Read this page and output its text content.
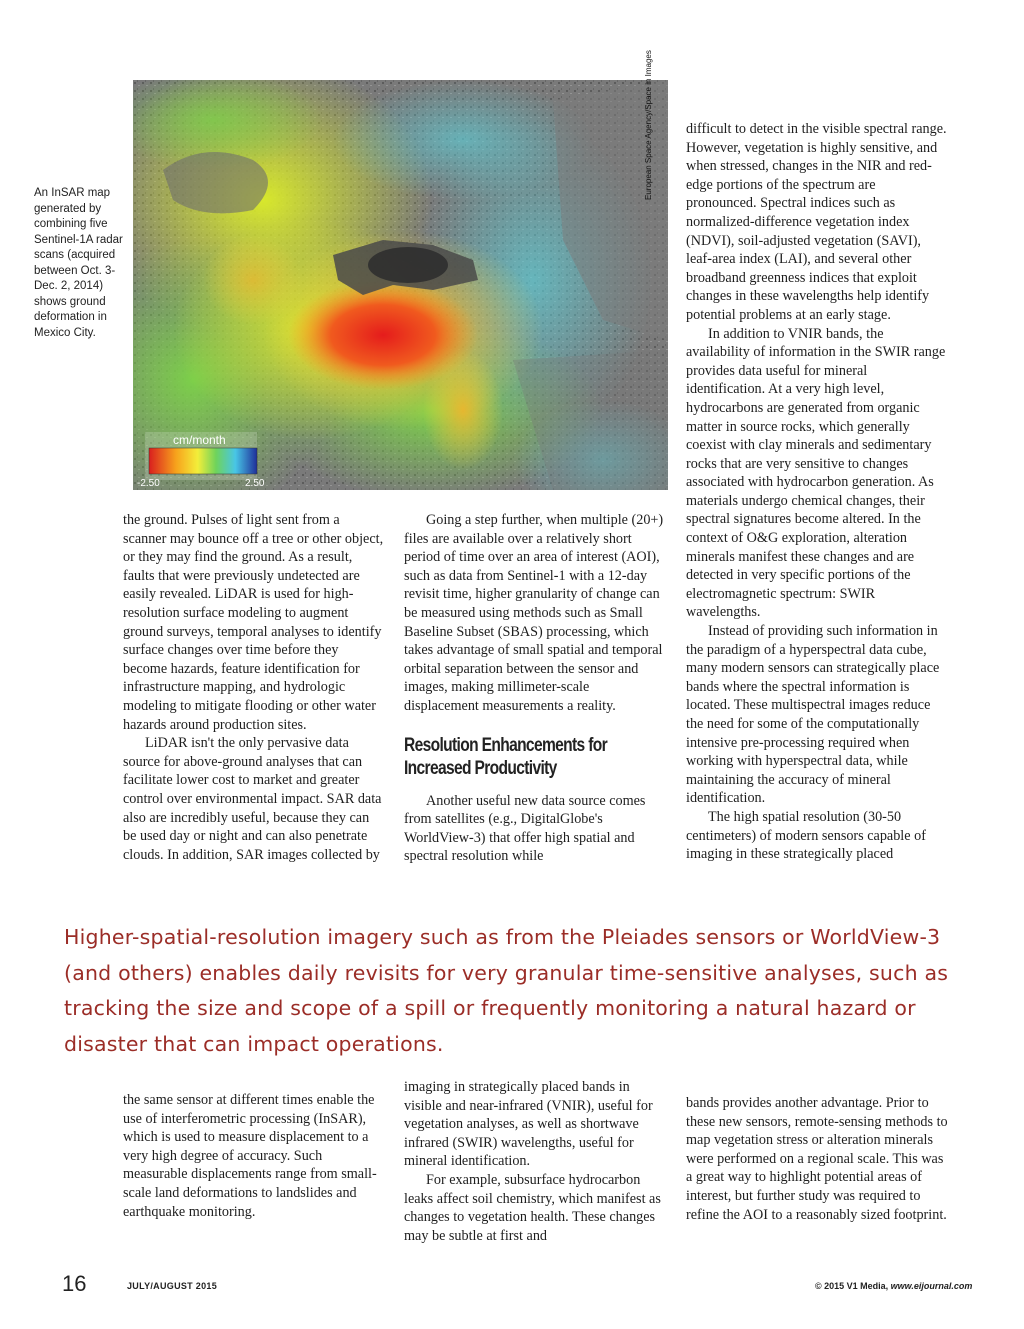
An InSAR map generated by combining five Sentinel-1A radar scans (acquired between Oct. 3-Dec. 2, 2014) shows ground deformation in Mexico City.
cm/month
-2.50	2.50
European Space Agency/Space in Images

the ground. Pulses of light sent from a scanner may bounce off a tree or other object, or they may find the ground. As a result, faults that were previously undetected are easily revealed. LiDAR is used for high-resolution surface modeling to augment ground surveys, temporal analyses to identify surface changes over time before they become hazards, feature identification for infrastructure mapping, and hydrologic modeling to mitigate flooding or other water hazards around production sites.

LiDAR isn't the only pervasive data source for above-ground analyses that can facilitate lower cost to market and greater control over environmental impact. SAR data also are incredibly useful, because they can be used day or night and can also penetrate clouds. In addition, SAR images collected by

Going a step further, when multiple (20+) files are available over a relatively short period of time over an area of interest (AOI), such as data from Sentinel-1 with a 12-day revisit time, higher granularity of change can be measured using methods such as Small Baseline Subset (SBAS) processing, which takes advantage of small spatial and temporal orbital separation between the sensor and images, making millimeter-scale displacement measurements a reality.

Resolution Enhancements for Increased Productivity

Another useful new data source comes from satellites (e.g., DigitalGlobe's WorldView-3) that offer high spatial and spectral resolution while

difficult to detect in the visible spectral range. However, vegetation is highly sensitive, and when stressed, changes in the NIR and red-edge portions of the spectrum are pronounced. Spectral indices such as normalized-difference vegetation index (NDVI), soil-adjusted vegetation (SAVI), leaf-area index (LAI), and several other broadband greenness indices that exploit changes in these wavelengths help identify potential problems at an early stage.

In addition to VNIR bands, the availability of information in the SWIR range provides data useful for mineral identification. At a very high level, hydrocarbons are generated from organic matter in source rocks, which generally coexist with clay minerals and sedimentary rocks that are very sensitive to changes associated with hydrocarbon generation. As materials undergo chemical changes, their spectral signatures become altered. In the context of O&G exploration, alteration minerals manifest these changes and are detected in very specific portions of the electromagnetic spectrum: SWIR wavelengths.

Instead of providing such information in the paradigm of a hyperspectral data cube, many modern sensors can strategically place bands where the spectral information is located. These multispectral images reduce the need for some of the computationally intensive pre-processing required when working with hyperspectral data, while maintaining the accuracy of mineral identification.

The high spatial resolution (30-50 centimeters) of modern sensors capable of imaging in these strategically placed

Higher-spatial-resolution imagery such as from the Pleiades sensors or WorldView-3 (and others) enables daily revisits for very granular time-sensitive analyses, such as tracking the size and scope of a spill or frequently monitoring a natural hazard or disaster that can impact operations.

the same sensor at different times enable the use of interferometric processing (InSAR), which is used to measure displacement to a very high degree of accuracy. Such measurable displacements range from small-scale land deformations to landslides and earthquake monitoring.

imaging in strategically placed bands in visible and near-infrared (VNIR), useful for vegetation analyses, as well as shortwave infrared (SWIR) wavelengths, useful for mineral identification.

For example, subsurface hydrocarbon leaks affect soil chemistry, which manifest as changes to vegetation health. These changes may be subtle at first and

bands provides another advantage. Prior to these new sensors, remote-sensing methods to map vegetation stress or alteration minerals were performed on a regional scale. This was a great way to highlight potential areas of interest, but further study was required to refine the AOI to a reasonably sized footprint.

16	JULY/AUGUST 2015	© 2015 V1 Media, www.eijournal.com
